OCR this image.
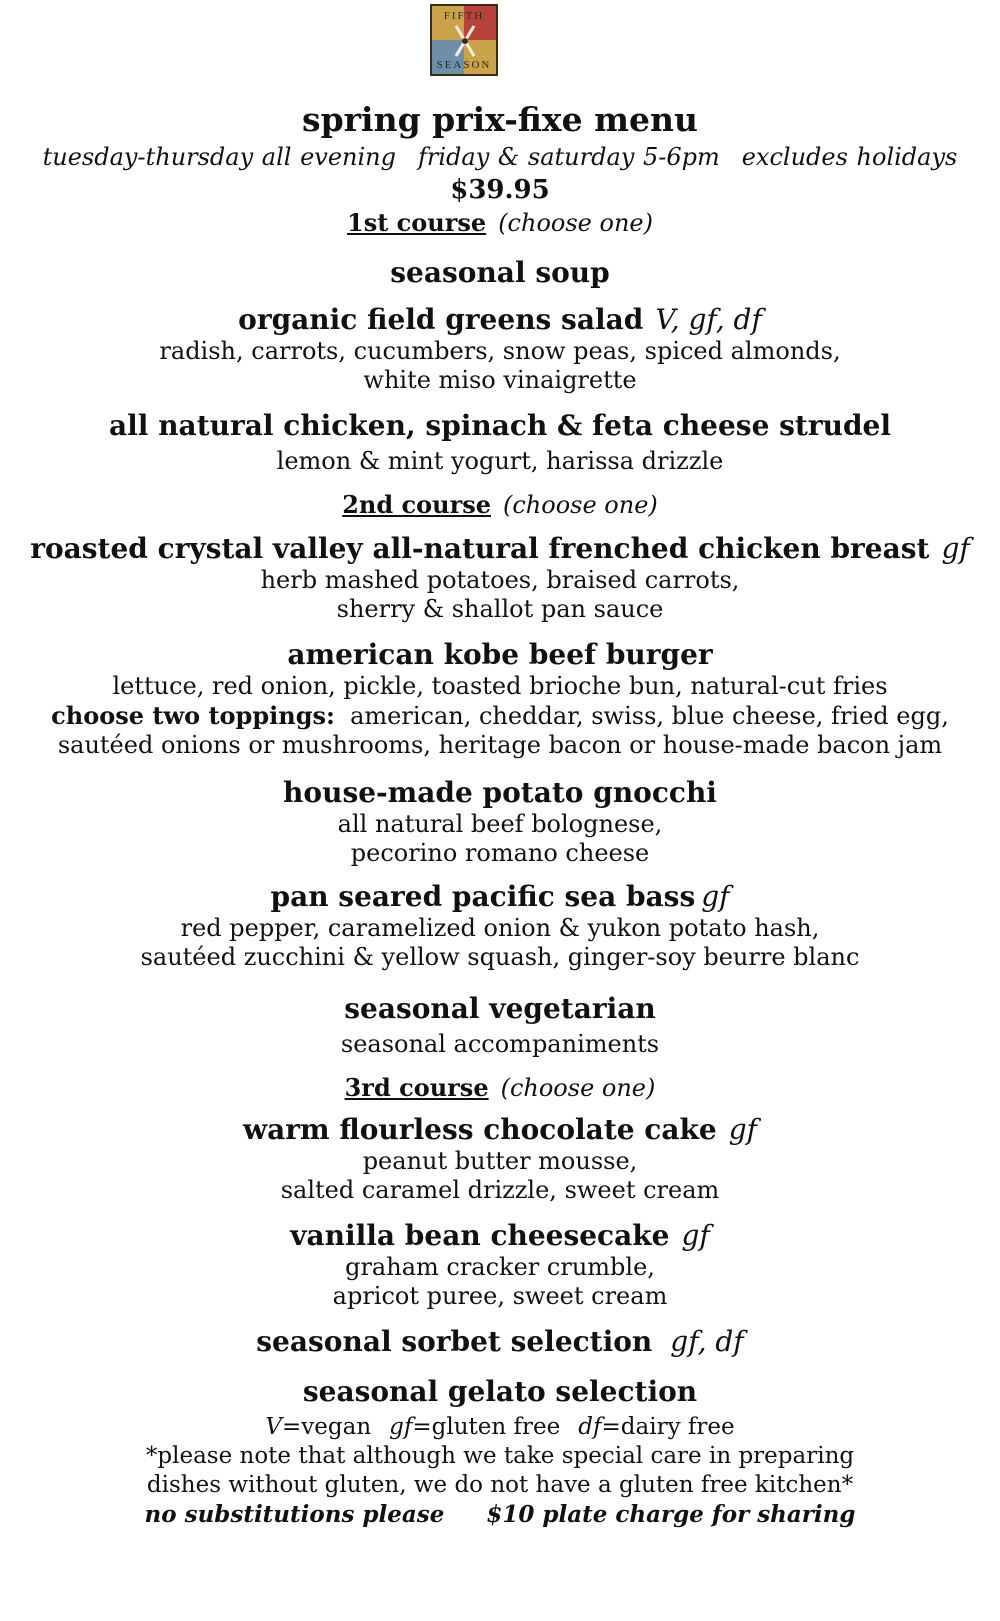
FIFTH
SEASON
spring prix-fixe menu
tuesday-thursday all evening friday & saturday 5-6pm excludes holidays
$39.95
1st course (choose one)
seasonal soup
organic field greens salad V, gf, df
radish, carrots, cucumbers, snow peas, spiced almonds,
white miso vinaigrette
all natural chicken, spinach & feta cheese strudel
lemon & mint yogurt, harissa drizzle
2nd course (choose one)
roasted crystal valley all-natural frenched chicken breast gf
herb mashed potatoes, braised carrots,
sherry & shallot pan sauce
american kobe beef burger
lettuce, red onion, pickle, toasted brioche bun, natural-cut fries
choose two toppings: american, cheddar, swiss, blue cheese, fried egg,
sautéed onions or mushrooms, heritage bacon or house-made bacon jam
house-made potato gnocchi
all natural beef bolognese,
pecorino romano cheese
pan seared pacific sea bass gf
red pepper, caramelized onion & yukon potato hash,
sautéed zucchini & yellow squash, ginger-soy beurre blanc
seasonal vegetarian
seasonal accompaniments
3rd course (choose one)
warm flourless chocolate cake gf
peanut butter mousse,
salted caramel drizzle, sweet cream
vanilla bean cheesecake gf
graham cracker crumble,
apricot puree, sweet cream
seasonal sorbet selection gf, df
seasonal gelato selection
V=vegan gf=gluten free df=dairy free
*please note that although we take special care in preparing
dishes without gluten, we do not have a gluten free kitchen*
no substitutions please $10 plate charge for sharing
